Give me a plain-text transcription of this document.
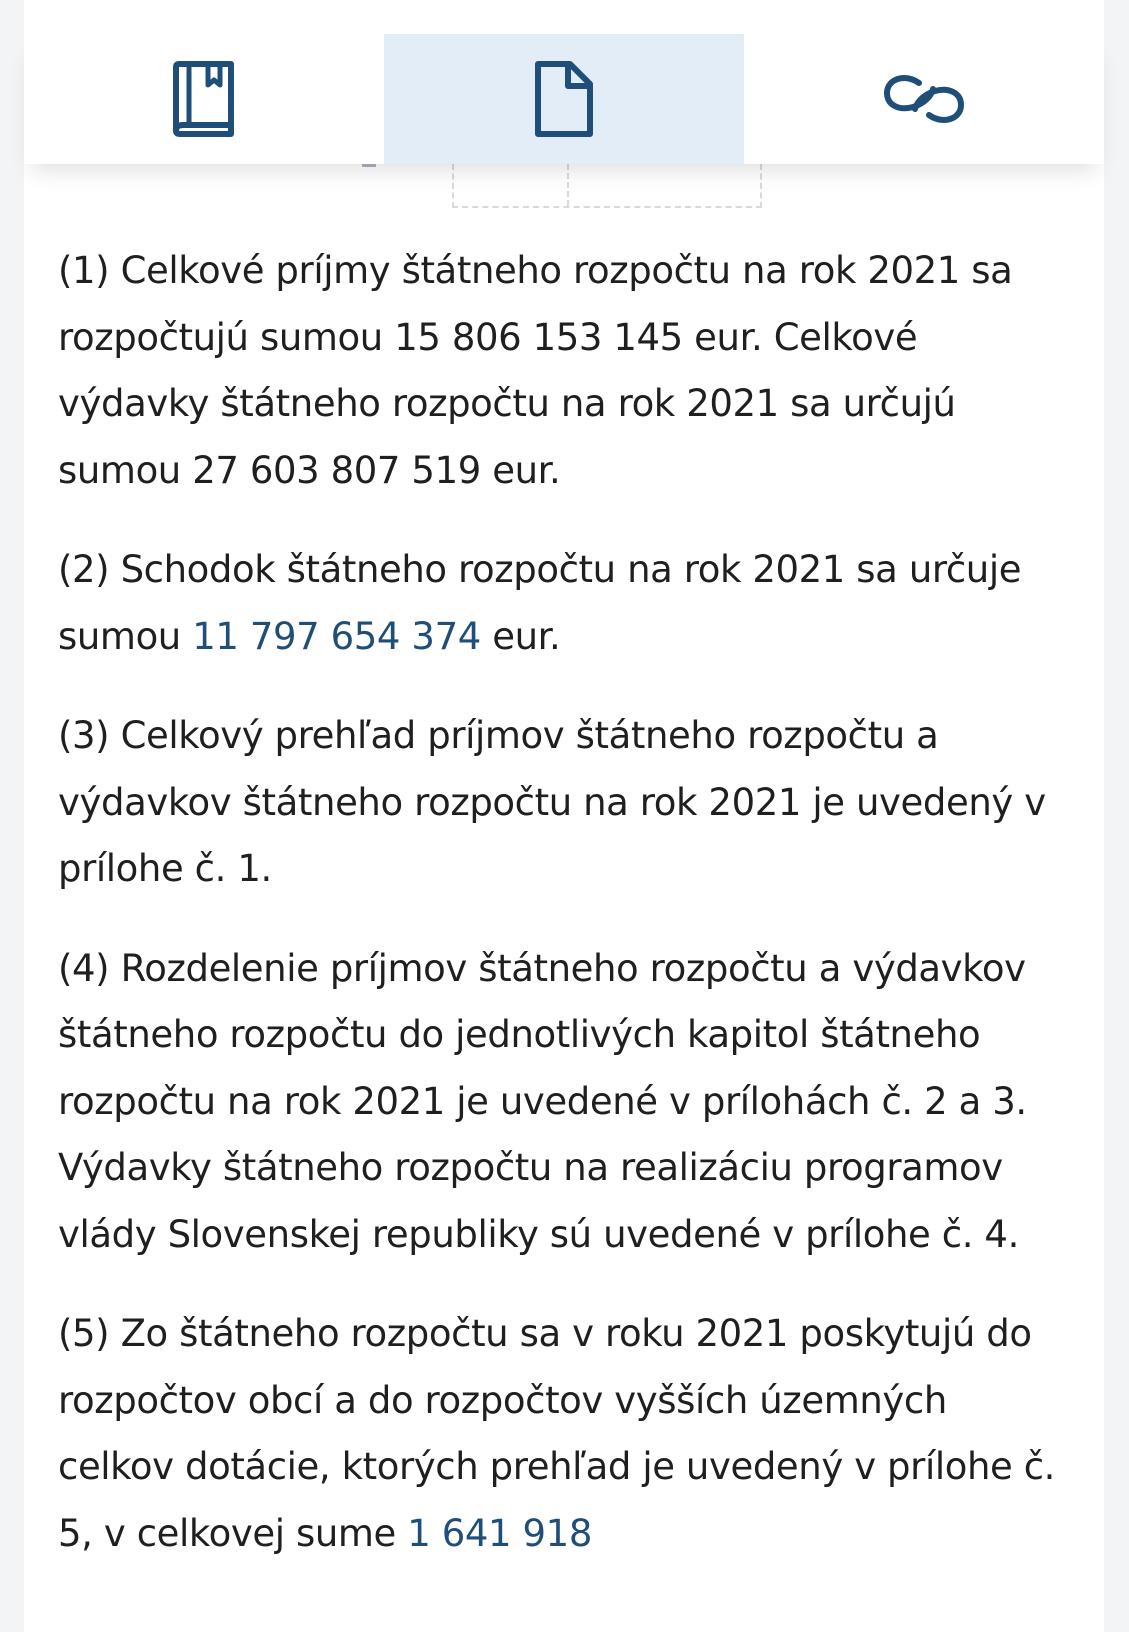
(1) Celkové príjmy štátneho rozpočtu na rok 2021 sa rozpočtujú sumou 15 806 153 145 eur. Celkové výdavky štátneho rozpočtu na rok 2021 sa určujú sumou 27 603 807 519 eur.

(2) Schodok štátneho rozpočtu na rok 2021 sa určuje sumou 11 797 654 374 eur.

(3) Celkový prehľad príjmov štátneho rozpočtu a výdavkov štátneho rozpočtu na rok 2021 je uvedený v prílohe č. 1.

(4) Rozdelenie príjmov štátneho rozpočtu a výdavkov štátneho rozpočtu do jednotlivých kapitol štátneho rozpočtu na rok 2021 je uvedené v prílohách č. 2 a 3. Výdavky štátneho rozpočtu na realizáciu programov vlády Slovenskej republiky sú uvedené v prílohe č. 4.

(5) Zo štátneho rozpočtu sa v roku 2021 poskytujú do rozpočtov obcí a do rozpočtov vyšších územných celkov dotácie, ktorých prehľad je uvedený v prílohe č. 5, v celkovej sume 1 641 918
